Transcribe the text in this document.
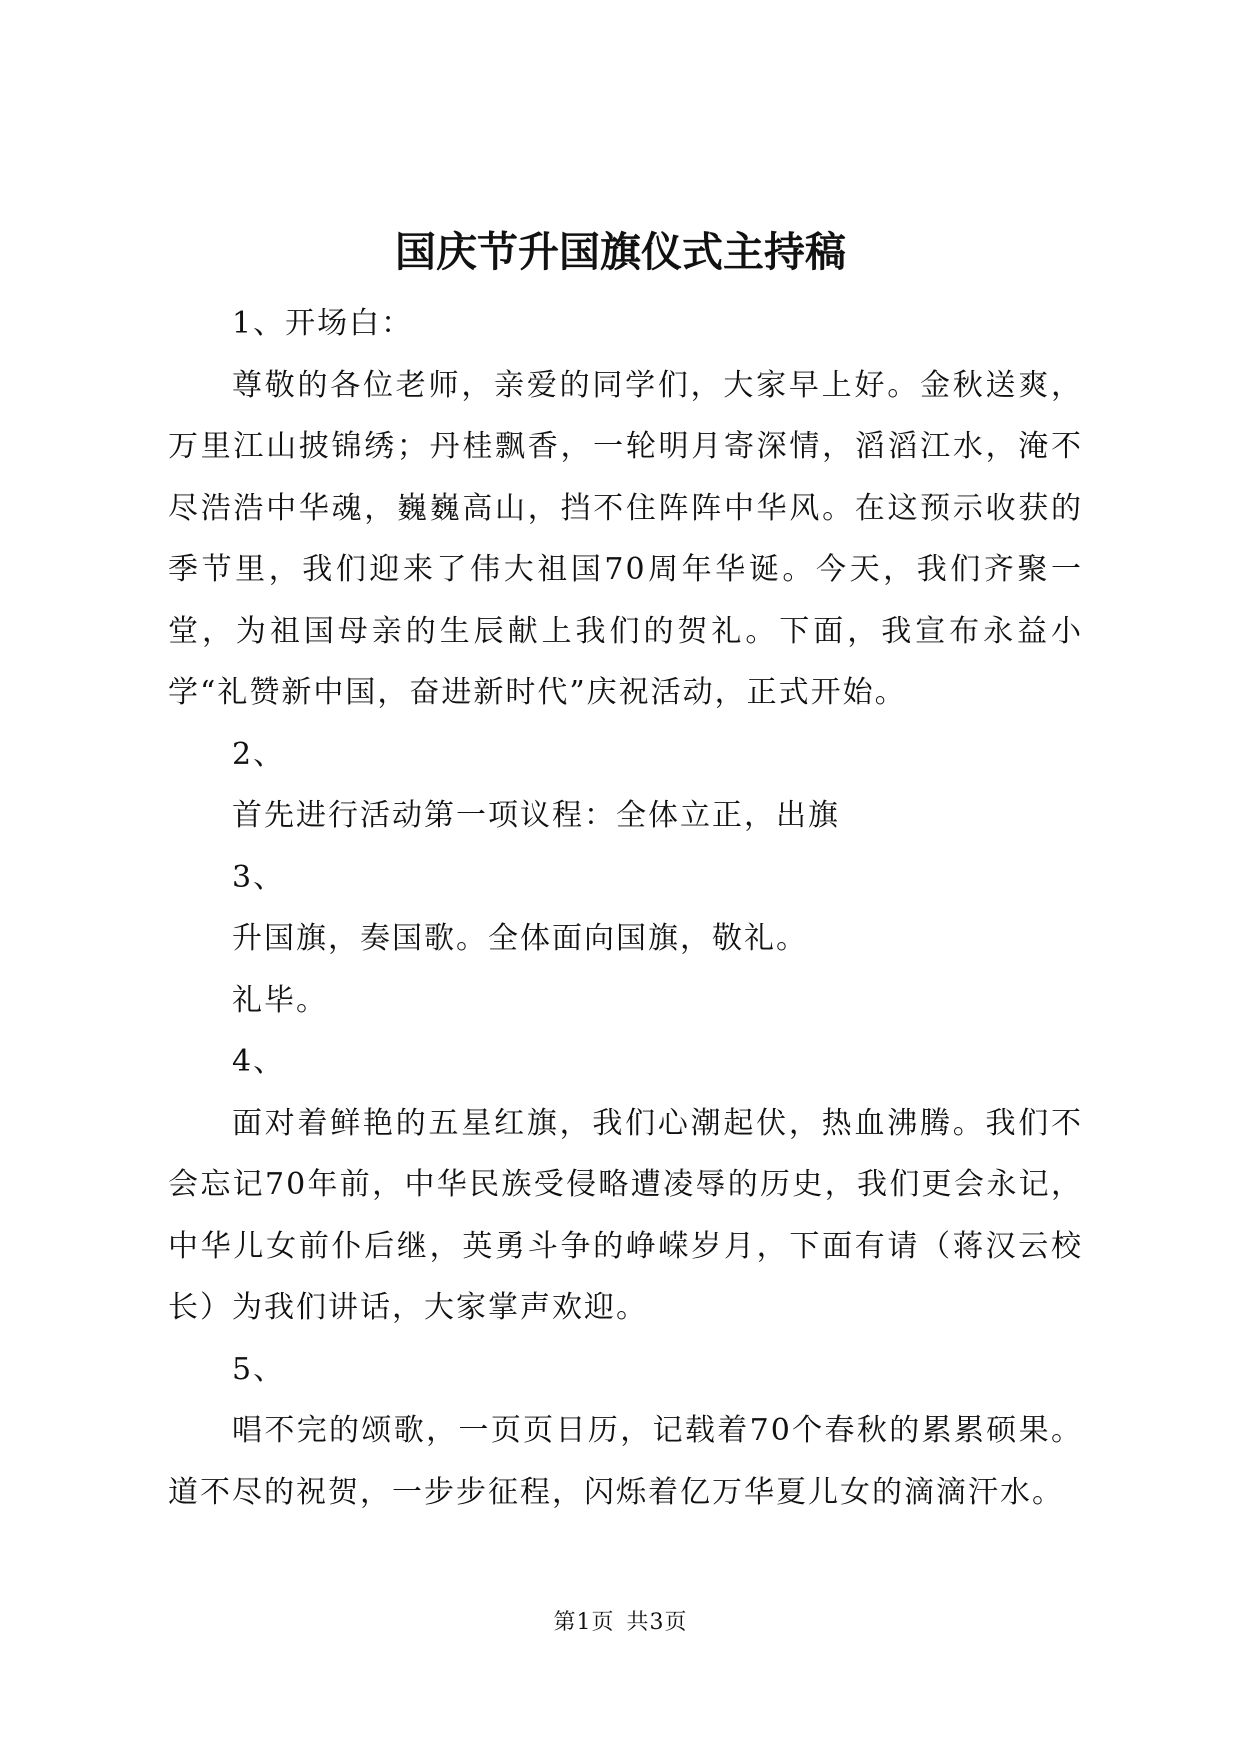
国庆节升国旗仪式主持稿

1、开场白：

尊敬的各位老师，亲爱的同学们，大家早上好。金秋送爽，万里江山披锦绣；丹桂飘香，一轮明月寄深情，滔滔江水，淹不尽浩浩中华魂，巍巍高山，挡不住阵阵中华风。在这预示收获的季节里，我们迎来了伟大祖国70周年华诞。今天，我们齐聚一堂，为祖国母亲的生辰献上我们的贺礼。下面，我宣布永益小学“礼赞新中国，奋进新时代”庆祝活动，正式开始。

2、

首先进行活动第一项议程：全体立正，出旗

3、

升国旗，奏国歌。全体面向国旗，敬礼。

礼毕。

4、

面对着鲜艳的五星红旗，我们心潮起伏，热血沸腾。我们不会忘记70年前，中华民族受侵略遭凌辱的历史，我们更会永记，中华儿女前仆后继，英勇斗争的峥嵘岁月，下面有请（蒋汉云校长）为我们讲话，大家掌声欢迎。

5、

唱不完的颂歌，一页页日历，记载着70个春秋的累累硕果。道不尽的祝贺，一步步征程，闪烁着亿万华夏儿女的滴滴汗水。

第1页 共3页
